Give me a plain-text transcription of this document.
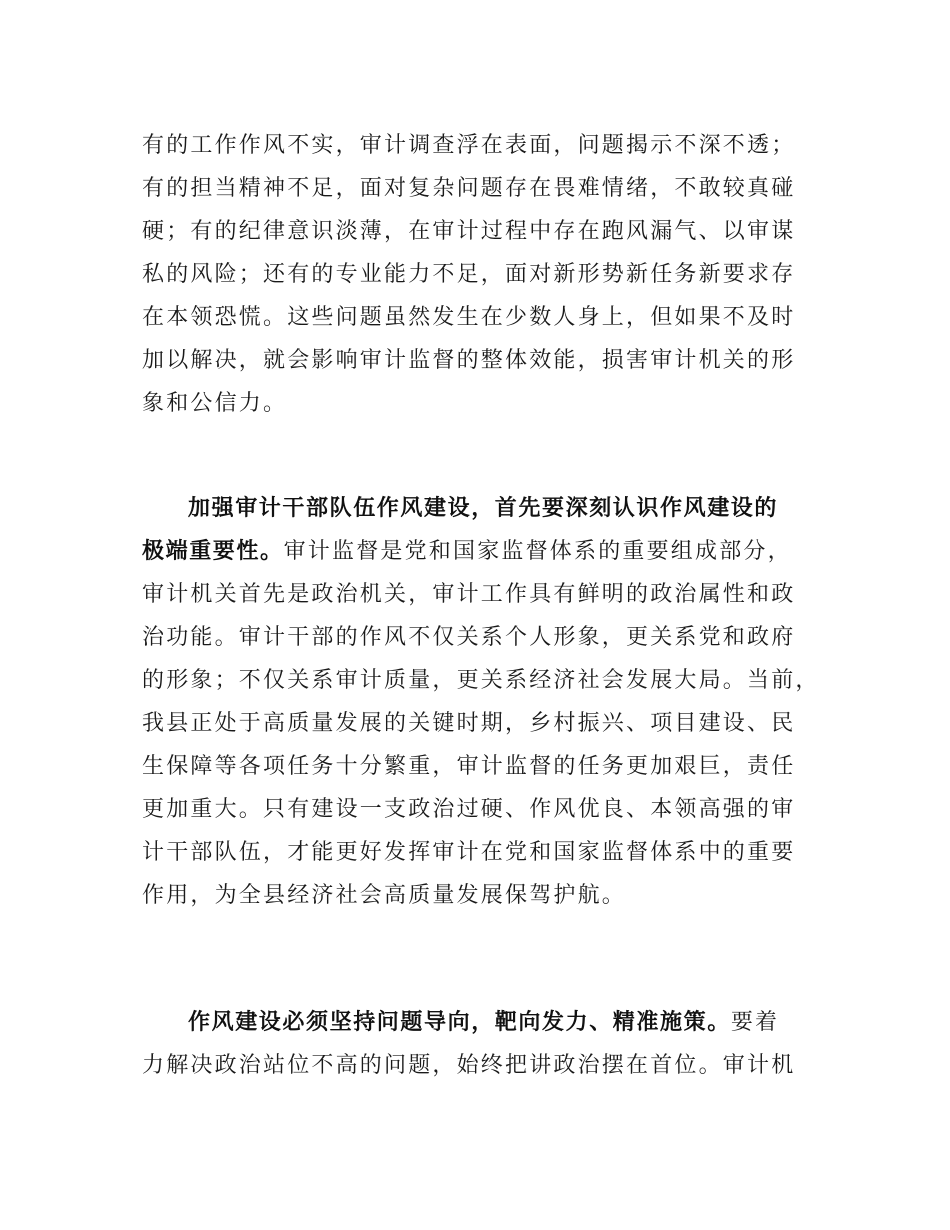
有的工作作风不实，审计调查浮在表面，问题揭示不深不透；
有的担当精神不足，面对复杂问题存在畏难情绪，不敢较真碰
硬；有的纪律意识淡薄，在审计过程中存在跑风漏气、以审谋
私的风险；还有的专业能力不足，面对新形势新任务新要求存
在本领恐慌。这些问题虽然发生在少数人身上，但如果不及时
加以解决，就会影响审计监督的整体效能，损害审计机关的形
象和公信力。
加强审计干部队伍作风建设，首先要深刻认识作风建设的
极端重要性。审计监督是党和国家监督体系的重要组成部分，
审计机关首先是政治机关，审计工作具有鲜明的政治属性和政
治功能。审计干部的作风不仅关系个人形象，更关系党和政府
的形象；不仅关系审计质量，更关系经济社会发展大局。当前，
我县正处于高质量发展的关键时期，乡村振兴、项目建设、民
生保障等各项任务十分繁重，审计监督的任务更加艰巨，责任
更加重大。只有建设一支政治过硬、作风优良、本领高强的审
计干部队伍，才能更好发挥审计在党和国家监督体系中的重要
作用，为全县经济社会高质量发展保驾护航。
作风建设必须坚持问题导向，靶向发力、精准施策。要着
力解决政治站位不高的问题，始终把讲政治摆在首位。审计机
